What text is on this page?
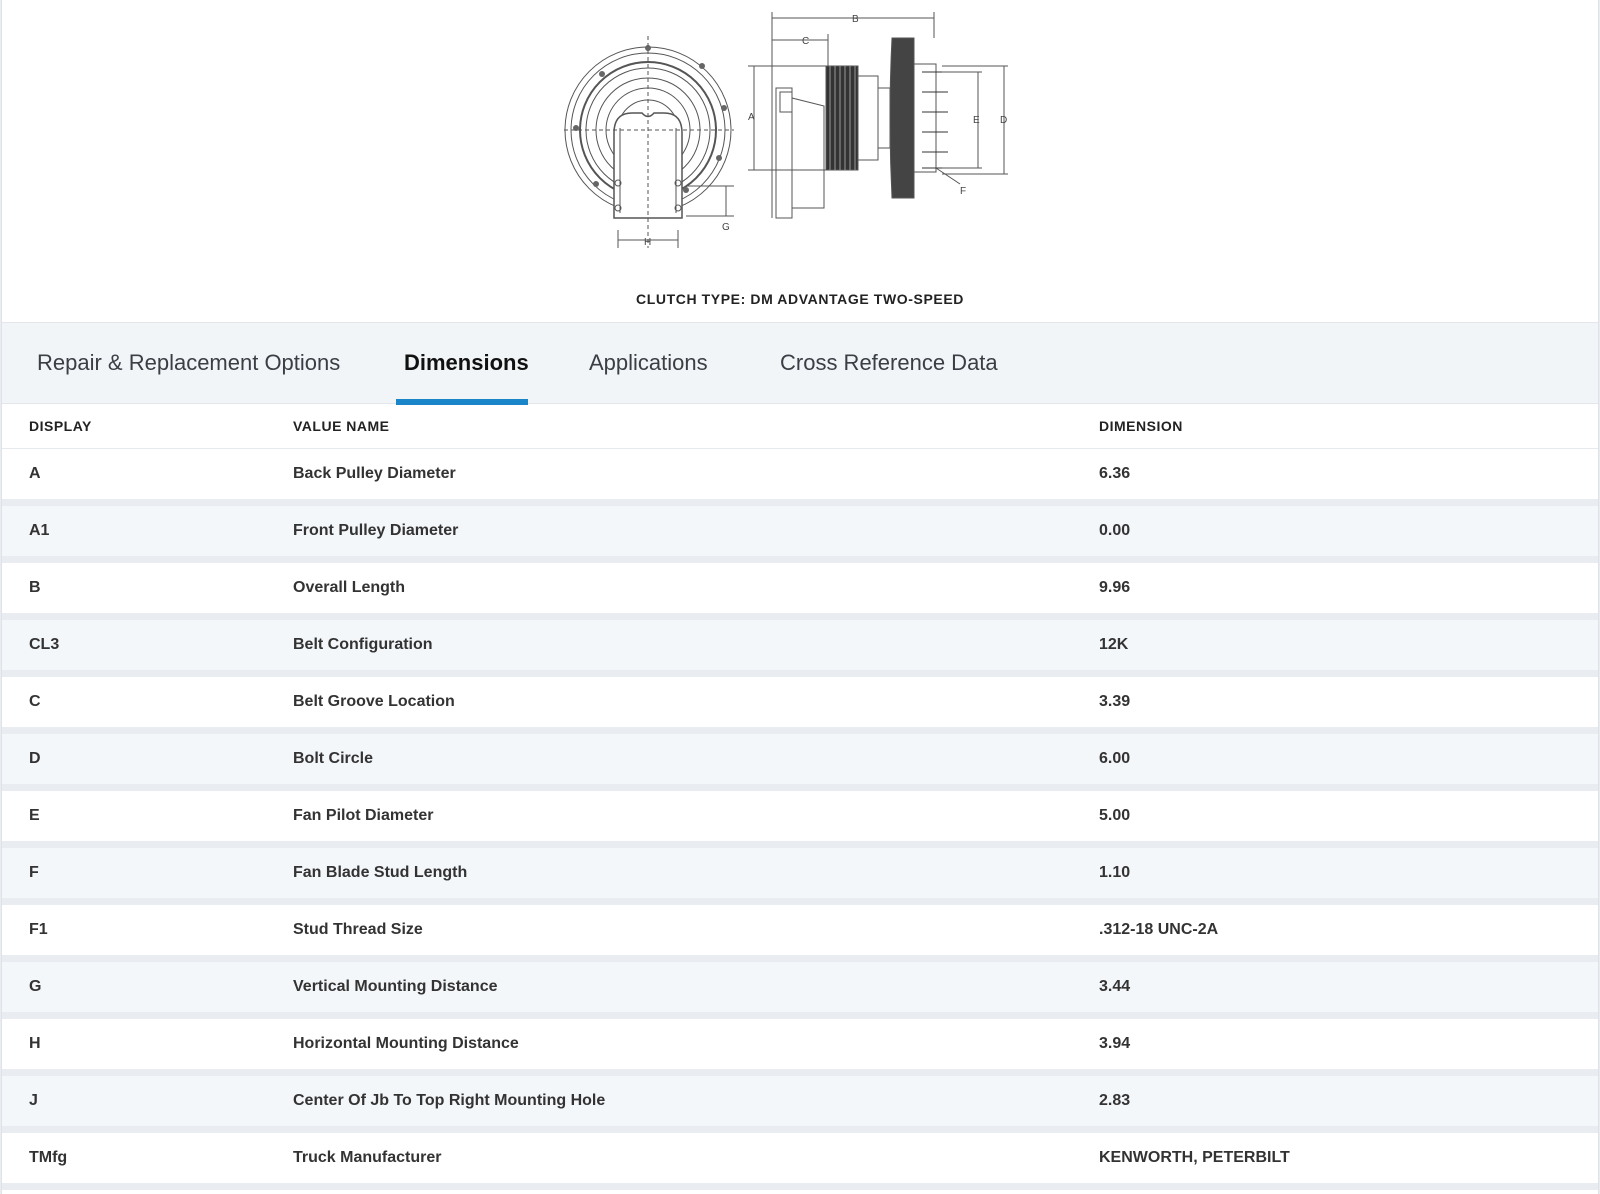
H
G
B
C
A	E D
F
CLUTCH TYPE: DM ADVANTAGE TWO-SPEED
Repair & Replacement Options	Dimensions	Applications	Cross Reference Data
DISPLAY	VALUE NAME	DIMENSION
A	Back Pulley Diameter	6.36
A1	Front Pulley Diameter	0.00
B	Overall Length	9.96
CL3	Belt Configuration	12K
C	Belt Groove Location	3.39
D	Bolt Circle	6.00
E	Fan Pilot Diameter	5.00
F	Fan Blade Stud Length	1.10
F1	Stud Thread Size	.312-18 UNC-2A
G	Vertical Mounting Distance	3.44
H	Horizontal Mounting Distance	3.94
J	Center Of Jb To Top Right Mounting Hole	2.83
TMfg	Truck Manufacturer	KENWORTH, PETERBILT
